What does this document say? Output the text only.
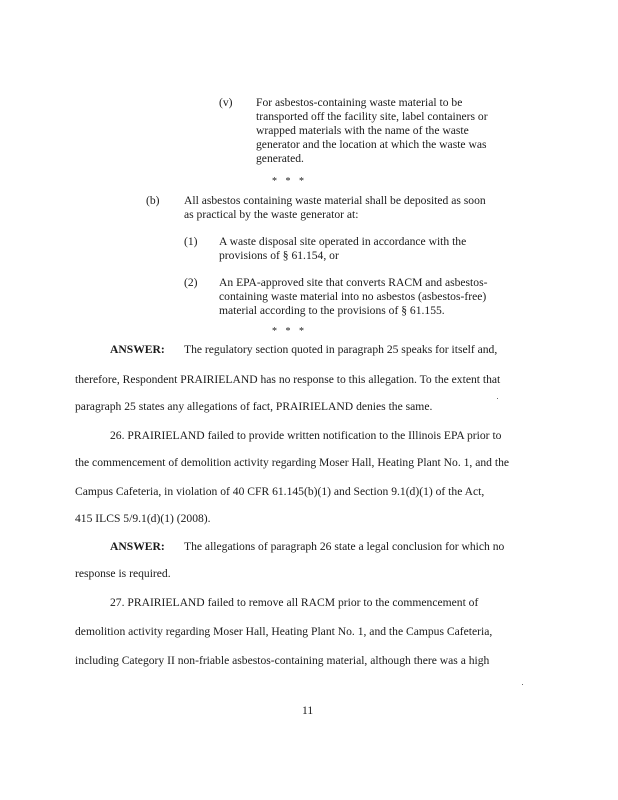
(v) For asbestos-containing waste material to be
transported off the facility site, label containers or
wrapped materials with the name of the waste
generator and the location at which the waste was
generated.
* * *
(b) All asbestos containing waste material shall be deposited as soon
as practical by the waste generator at:
(1) A waste disposal site operated in accordance with the
provisions of § 61.154, or
(2) An EPA-approved site that converts RACM and asbestos-
containing waste material into no asbestos (asbestos-free)
material according to the provisions of § 61.155.
* * *
ANSWER: The regulatory section quoted in paragraph 25 speaks for itself and,
therefore, Respondent PRAIRIELAND has no response to this allegation. To the extent that
paragraph 25 states any allegations of fact, PRAIRIELAND denies the same.
26. PRAIRIELAND failed to provide written notification to the Illinois EPA prior to
the commencement of demolition activity regarding Moser Hall, Heating Plant No. 1, and the
Campus Cafeteria, in violation of 40 CFR 61.145(b)(1) and Section 9.1(d)(1) of the Act,
415 ILCS 5/9.1(d)(1) (2008).
ANSWER: The allegations of paragraph 26 state a legal conclusion for which no
response is required.
27. PRAIRIELAND failed to remove all RACM prior to the commencement of
demolition activity regarding Moser Hall, Heating Plant No. 1, and the Campus Cafeteria,
including Category II non-friable asbestos-containing material, although there was a high
11
